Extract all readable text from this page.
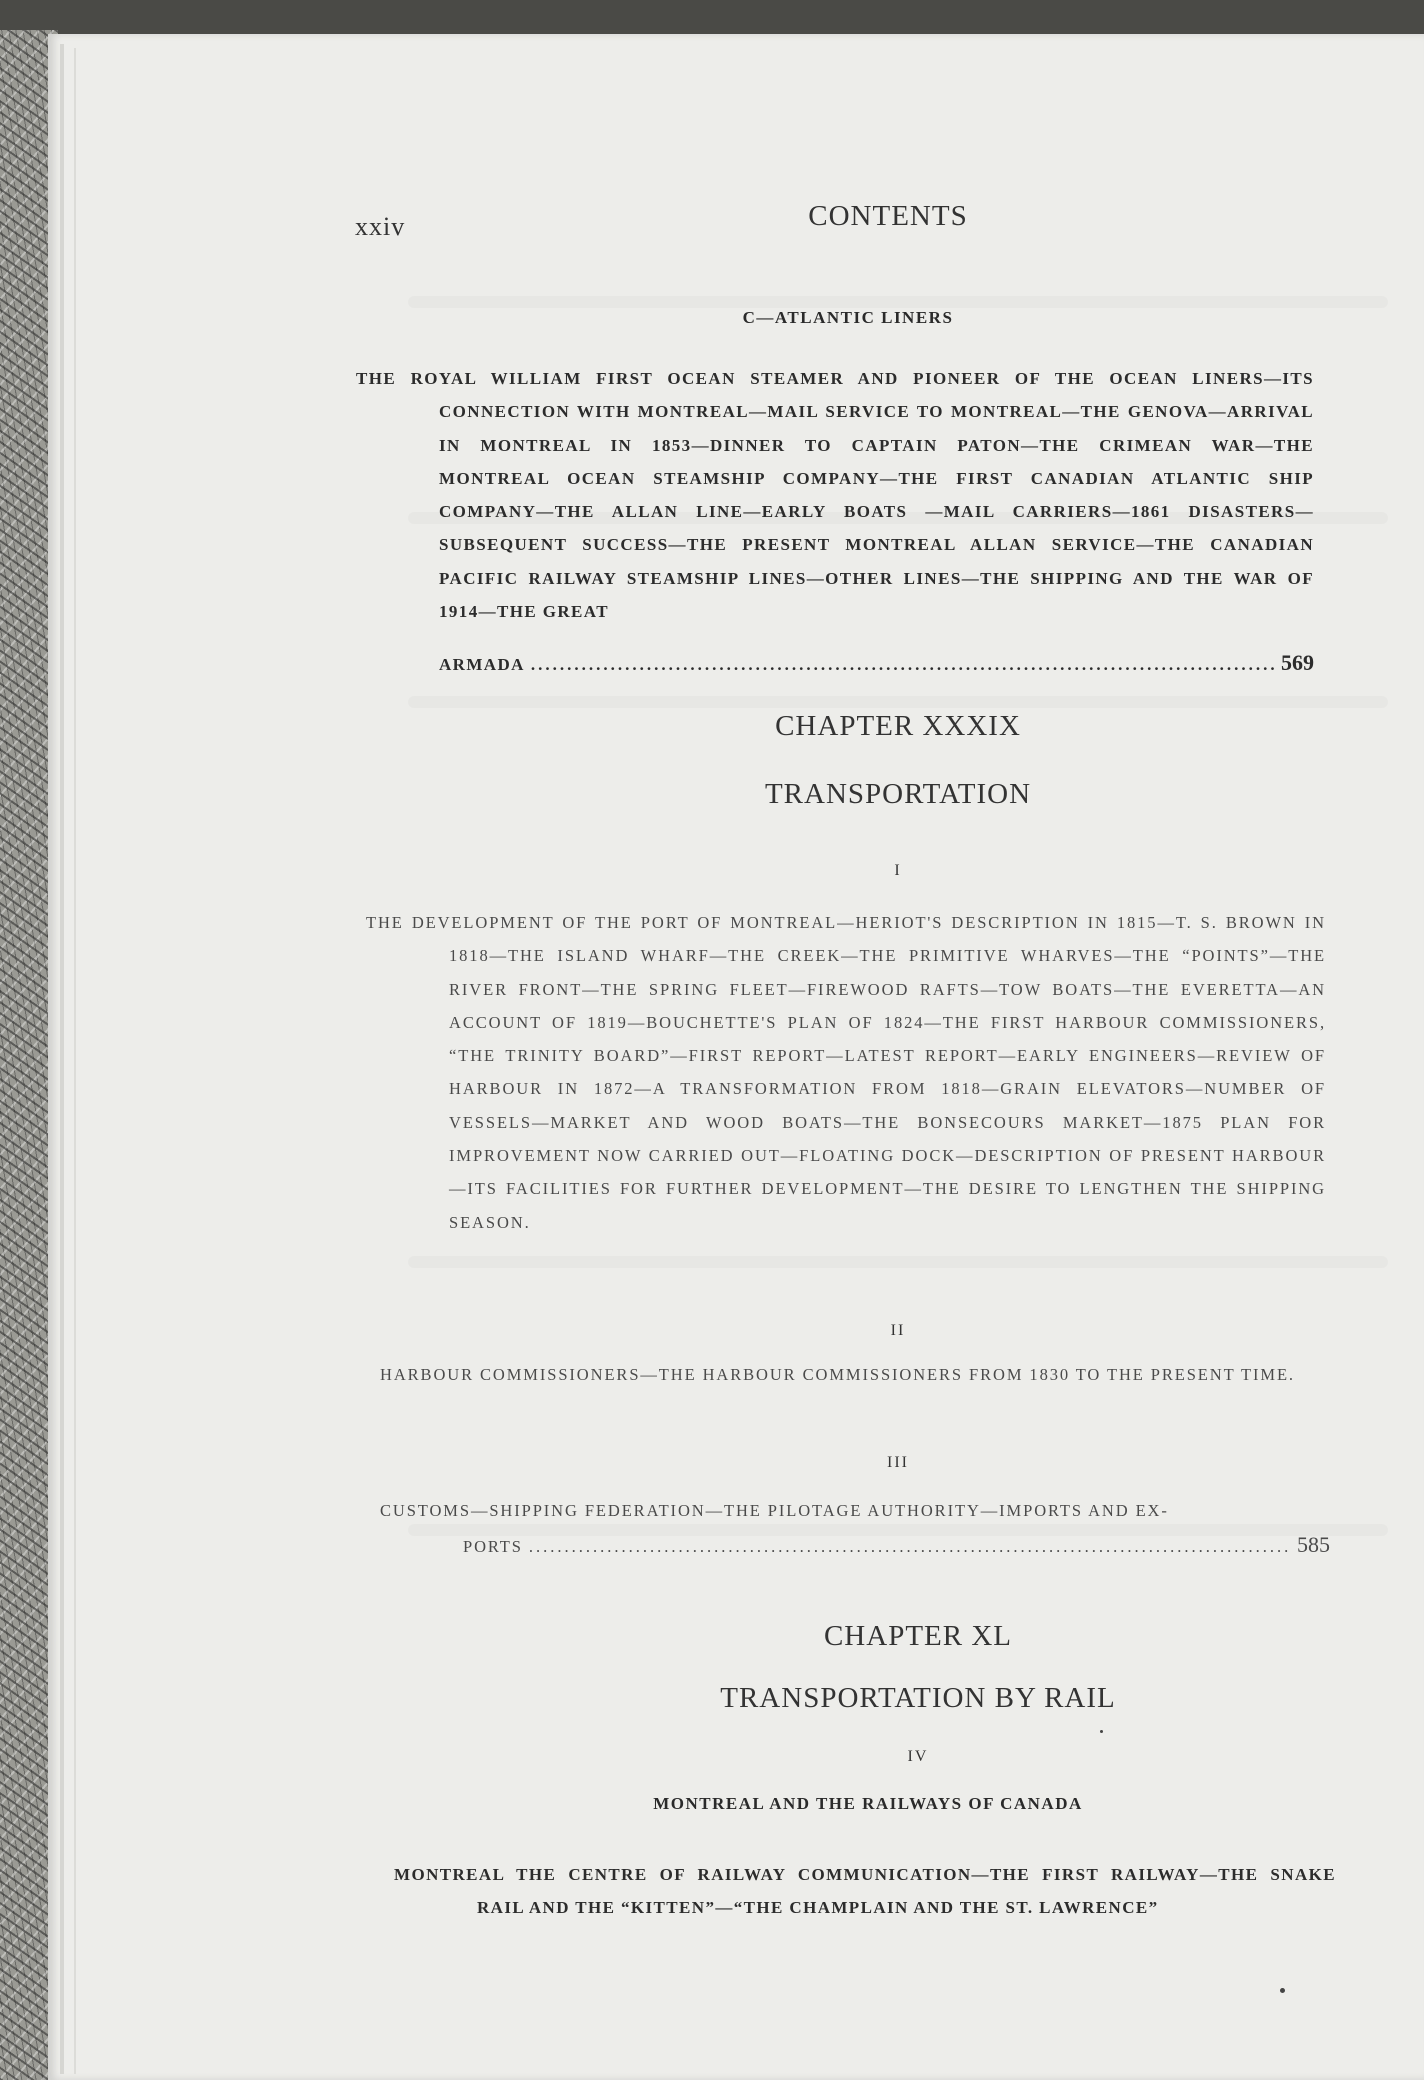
xxiv	CONTENTS
C—ATLANTIC LINERS
THE ROYAL WILLIAM FIRST OCEAN STEAMER AND PIONEER OF THE OCEAN LINERS—ITS CONNECTION WITH MONTREAL—MAIL SERVICE TO MONTREAL—THE GENOVA—ARRIVAL IN MONTREAL IN 1853—DINNER TO CAPTAIN PATON—THE CRIMEAN WAR—THE MONTREAL OCEAN STEAMSHIP COMPANY—THE FIRST CANADIAN ATLANTIC SHIP COMPANY—THE ALLAN LINE—EARLY BOATS —MAIL CARRIERS—1861 DISASTERS—SUBSEQUENT SUCCESS—THE PRESENT MONTREAL ALLAN SERVICE—THE CANADIAN PACIFIC RAILWAY STEAMSHIP LINES—OTHER LINES—THE SHIPPING AND THE WAR OF 1914—THE GREAT
ARMADA .....	569
CHAPTER XXXIX
TRANSPORTATION
I
THE DEVELOPMENT OF THE PORT OF MONTREAL—HERIOT'S DESCRIPTION IN 1815—T. S. BROWN IN 1818—THE ISLAND WHARF—THE CREEK—THE PRIMITIVE WHARVES—THE “POINTS”—THE RIVER FRONT—THE SPRING FLEET—FIREWOOD RAFTS—TOW BOATS—THE EVERETTA—AN ACCOUNT OF 1819—BOUCHETTE'S PLAN OF 1824—THE FIRST HARBOUR COMMISSIONERS, “THE TRINITY BOARD”—FIRST REPORT—LATEST REPORT—EARLY ENGINEERS—REVIEW OF HARBOUR IN 1872—A TRANSFORMATION FROM 1818—GRAIN ELEVATORS—NUMBER OF VESSELS—MARKET AND WOOD BOATS—THE BONSECOURS MARKET—1875 PLAN FOR IMPROVEMENT NOW CARRIED OUT—FLOATING DOCK—DESCRIPTION OF PRESENT HARBOUR—ITS FACILITIES FOR FURTHER DEVELOPMENT—THE DESIRE TO LENGTHEN THE SHIPPING SEASON.
II
HARBOUR COMMISSIONERS—THE HARBOUR COMMISSIONERS FROM 1830 TO THE PRESENT TIME.
III
CUSTOMS—SHIPPING FEDERATION—THE PILOTAGE AUTHORITY—IMPORTS AND EX-
PORTS .....	585
CHAPTER XL
TRANSPORTATION BY RAIL
IV
MONTREAL AND THE RAILWAYS OF CANADA
MONTREAL THE CENTRE OF RAILWAY COMMUNICATION—THE FIRST RAILWAY—THE SNAKE RAIL AND THE “KITTEN”—“THE CHAMPLAIN AND THE ST. LAWRENCE”
